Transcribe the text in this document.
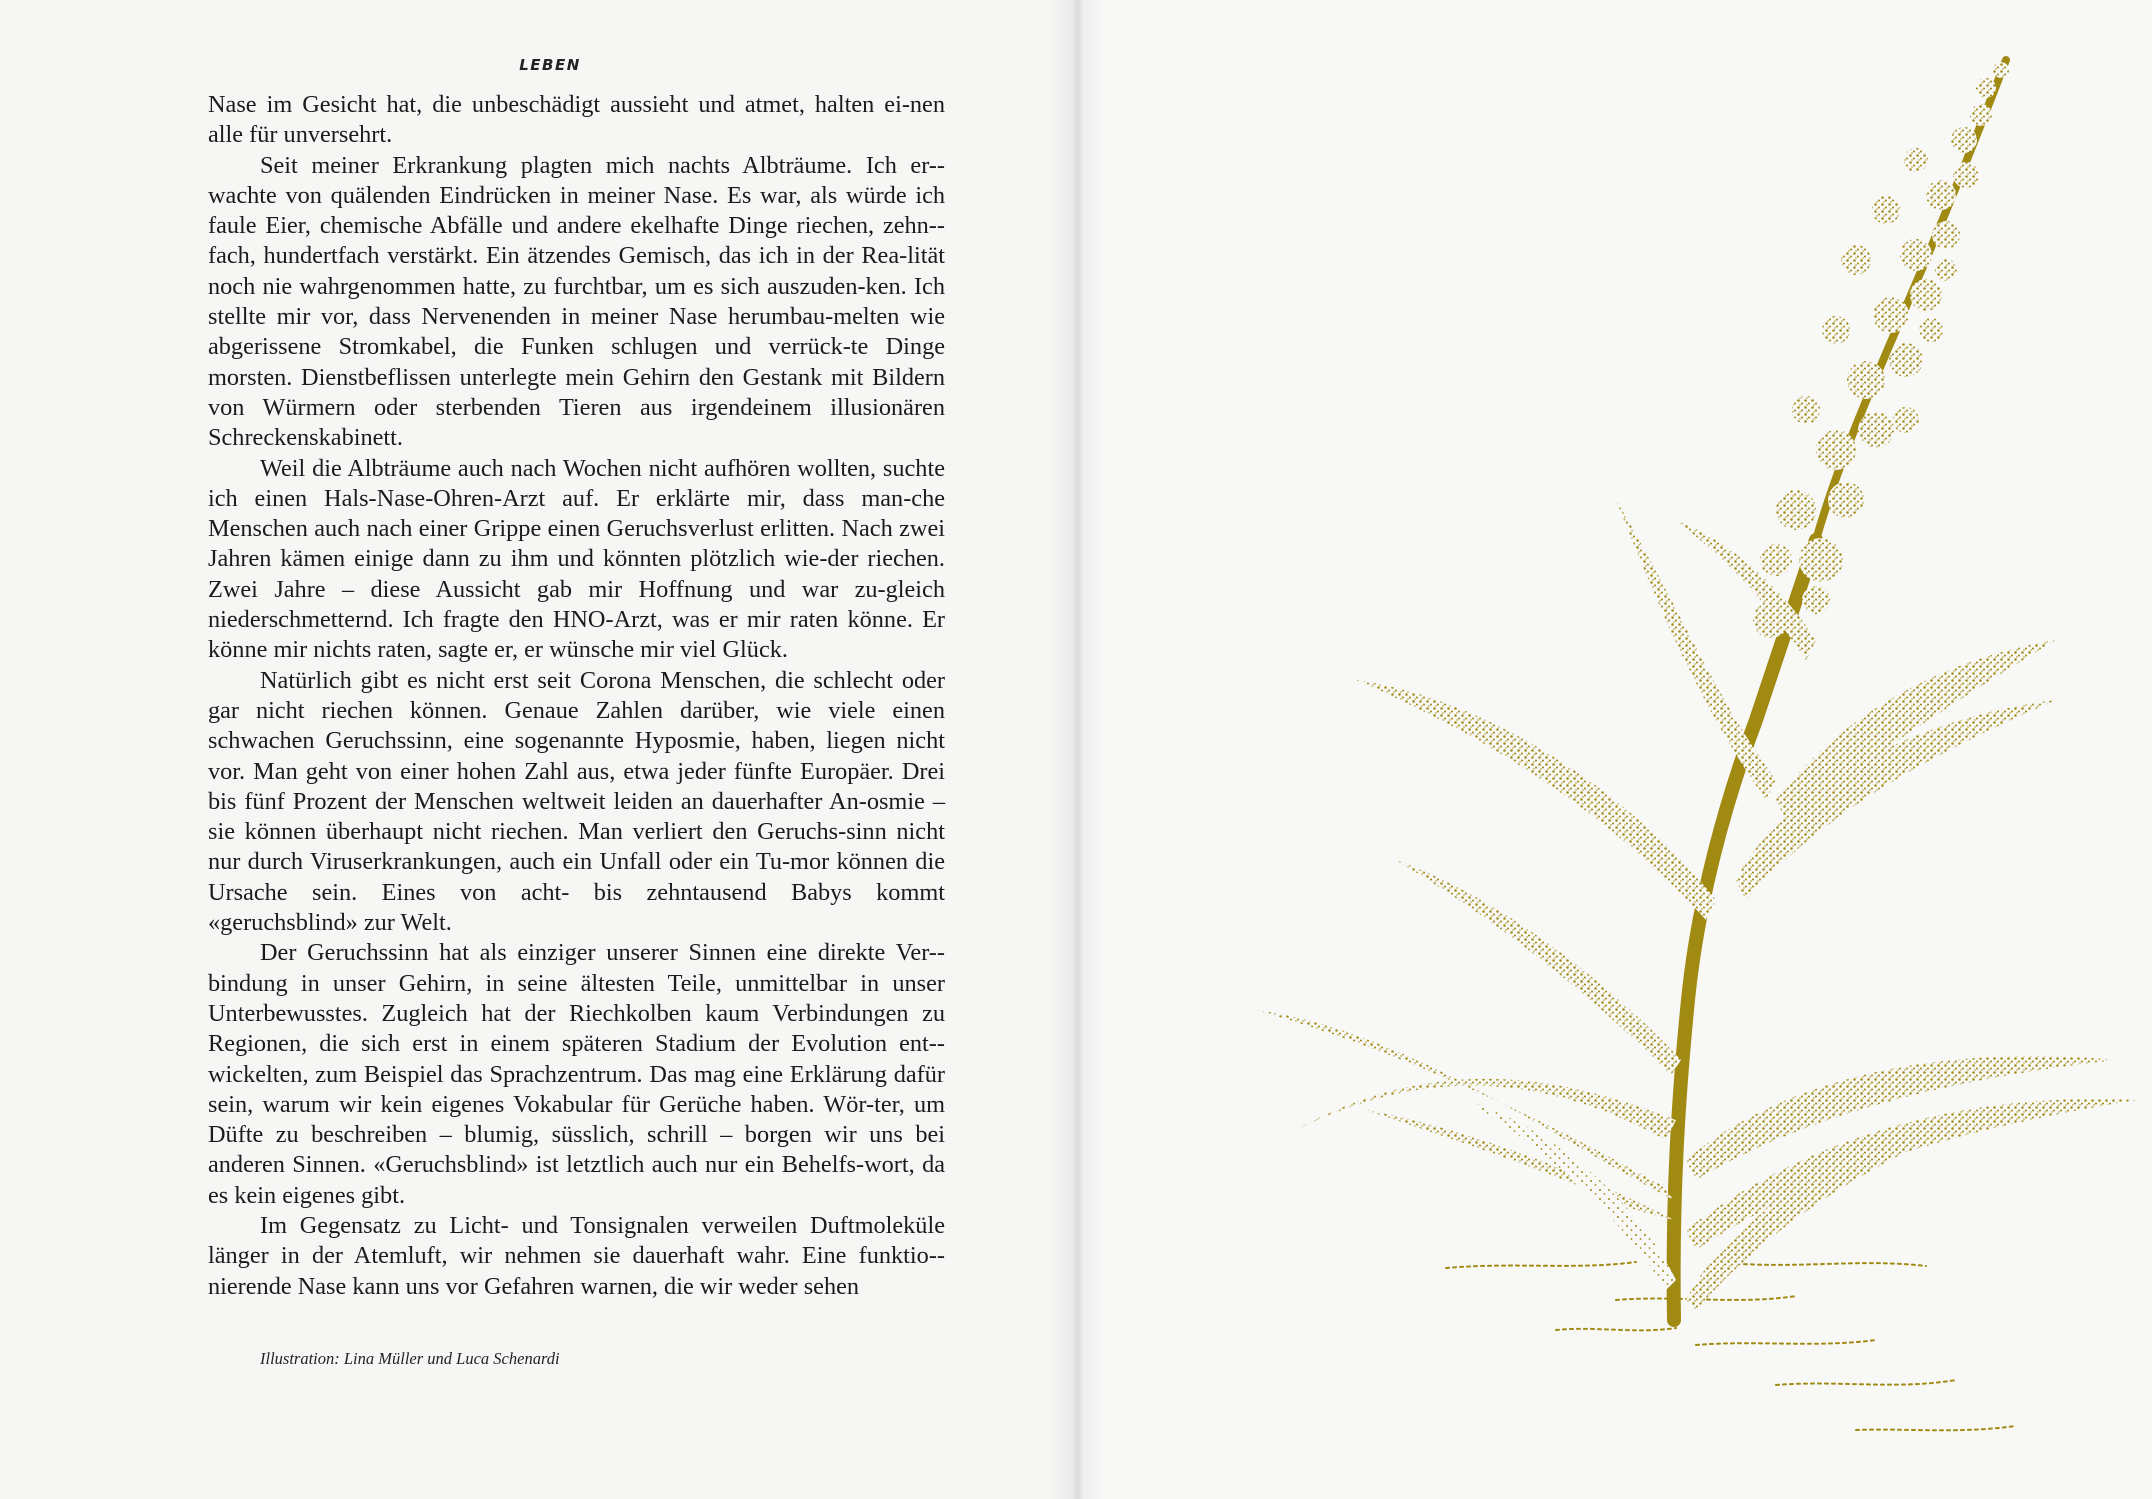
LEBEN

Nase im Gesicht hat, die unbeschädigt aussieht und atmet, halten ei-nen alle für unversehrt.

Seit meiner Erkrankung plagten mich nachts Albträume. Ich er-wachte von quälenden Eindrücken in meiner Nase. Es war, als würde ich faule Eier, chemische Abfälle und andere ekelhafte Dinge riechen, zehn-fach, hundertfach verstärkt. Ein ätzendes Gemisch, das ich in der Rea-lität noch nie wahrgenommen hatte, zu furchtbar, um es sich auszuden-ken. Ich stellte mir vor, dass Nervenenden in meiner Nase herumbau-melten wie abgerissene Stromkabel, die Funken schlugen und verrück-te Dinge morsten. Dienstbeflissen unterlegte mein Gehirn den Gestank mit Bildern von Würmern oder sterbenden Tieren aus irgendeinem illusionären Schreckenskabinett.

Weil die Albträume auch nach Wochen nicht aufhören wollten, suchte ich einen Hals-Nase-Ohren-Arzt auf. Er erklärte mir, dass man-che Menschen auch nach einer Grippe einen Geruchsverlust erlitten. Nach zwei Jahren kämen einige dann zu ihm und könnten plötzlich wie-der riechen. Zwei Jahre – diese Aussicht gab mir Hoffnung und war zu-gleich niederschmetternd. Ich fragte den HNO-Arzt, was er mir raten könne. Er könne mir nichts raten, sagte er, er wünsche mir viel Glück.

Natürlich gibt es nicht erst seit Corona Menschen, die schlecht oder gar nicht riechen können. Genaue Zahlen darüber, wie viele einen schwachen Geruchssinn, eine sogenannte Hyposmie, haben, liegen nicht vor. Man geht von einer hohen Zahl aus, etwa jeder fünfte Europäer. Drei bis fünf Prozent der Menschen weltweit leiden an dauerhafter An-osmie – sie können überhaupt nicht riechen. Man verliert den Geruchs-sinn nicht nur durch Viruserkrankungen, auch ein Unfall oder ein Tu-mor können die Ursache sein. Eines von acht- bis zehntausend Babys kommt «geruchsblind» zur Welt.

Der Geruchssinn hat als einziger unserer Sinnen eine direkte Ver-bindung in unser Gehirn, in seine ältesten Teile, unmittelbar in unser Unterbewusstes. Zugleich hat der Riechkolben kaum Verbindungen zu Regionen, die sich erst in einem späteren Stadium der Evolution ent-wickelten, zum Beispiel das Sprachzentrum. Das mag eine Erklärung dafür sein, warum wir kein eigenes Vokabular für Gerüche haben. Wör-ter, um Düfte zu beschreiben – blumig, süsslich, schrill – borgen wir uns bei anderen Sinnen. «Geruchsblind» ist letztlich auch nur ein Behelfs-wort, da es kein eigenes gibt.

Im Gegensatz zu Licht- und Tonsignalen verweilen Duftmoleküle länger in der Atemluft, wir nehmen sie dauerhaft wahr. Eine funktio-nierende Nase kann uns vor Gefahren warnen, die wir weder sehen

Illustration: Lina Müller und Luca Schenardi
